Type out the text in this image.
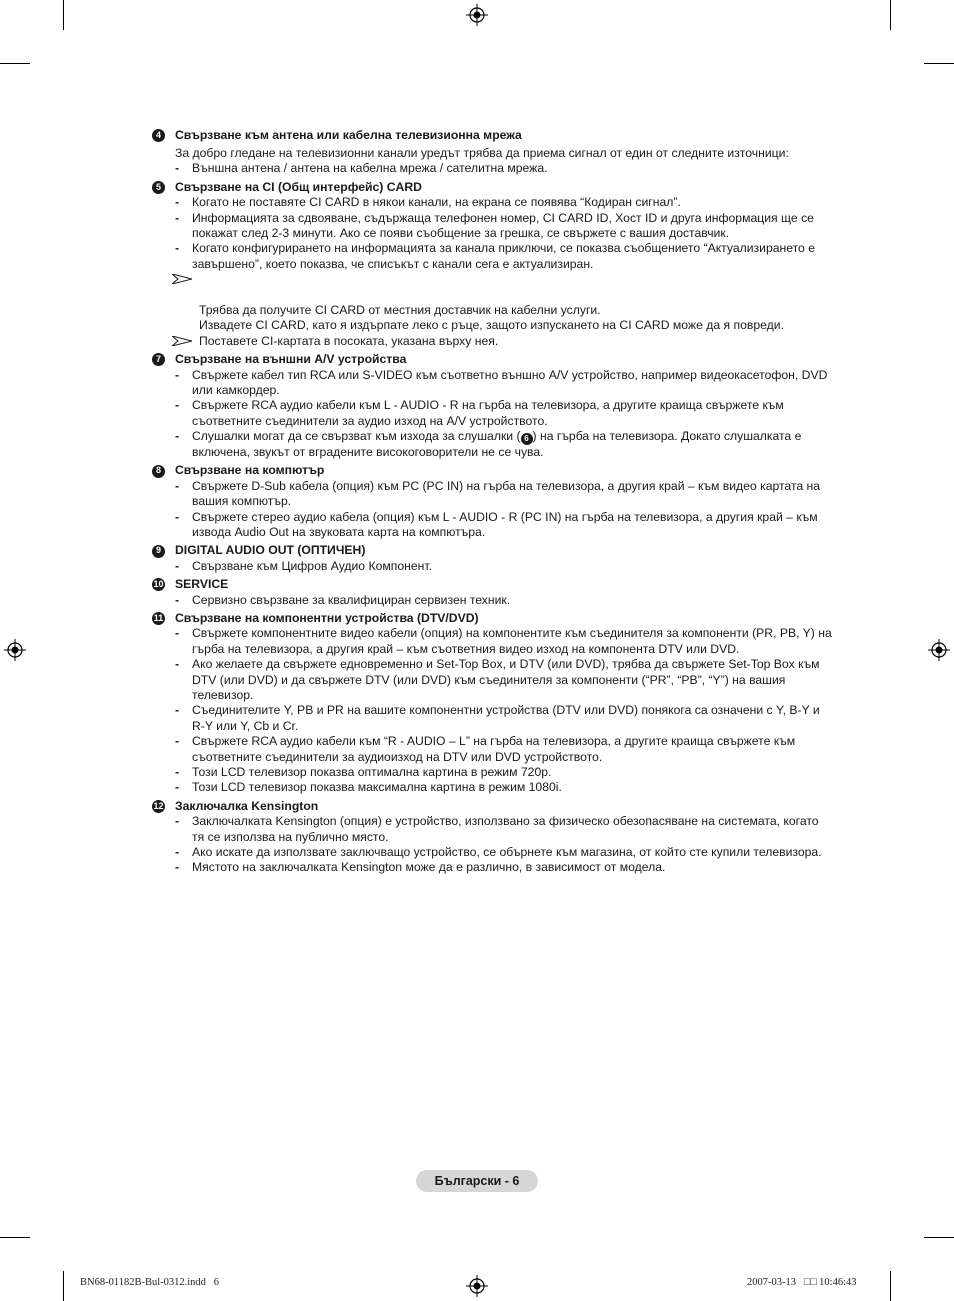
4	Свързване към антена или кабелна телевизионна мрежа
За добро гледане на телевизионни канали уредът трябва да приема сигнал от един от следните източници:
- Външна антена / антена на кабелна мрежа / сателитна мрежа.
5	Свързване на CI (Общ интерфейс) CARD
- Когато не поставяте CI CARD в някои канали, на екрана се появява “Кодиран сигнал”.
- Информацията за сдвояване, съдържаща телефонен номер, CI CARD ID, Хост ID и друга информация ще се покажат след 2-3 минути. Ако се появи съобщение за грешка, се свържете с вашия доставчик.
- Когато конфигурирането на информацията за канала приключи, се показва съобщението “Актуализирането е завършено”, което показва, че списъкът с канали сега е актуализиран.

Трябва да получите CI CARD от местния доставчик на кабелни услуги.
Извадете CI CARD, като я издърпате леко с ръце, защото изпускането на CI CARD може да я повреди.

Поставете CI-картата в посоката, указана върху нея.
7	Свързване на външни A/V устройства
- Свържете кабел тип RCA или S-VIDEO към съответно външно A/V устройство, например видеокасетофон, DVD или камкордер.
- Свържете RCA аудио кабели към L - AUDIO - R на гърба на телевизора, а другите краища свържете към съответните съединители за аудио изход на A/V устройството.
- Слушалки могат да се свързват към изхода за слушалки ( 6 ) на гърба на телевизора. Докато слушалката е включена, звукът от вградените високоговорители не се чува.
8	Свързване на компютър
- Свържете D-Sub кабела (опция) към PC (PC IN) на гърба на телевизора, а другия край – към видео картата на вашия компютър.
- Свържете стерео аудио кабела (опция) към L - AUDIO - R (PC IN) на гърба на телевизора, а другия край – към извода Audio Out на звуковата карта на компютъра.
9	DIGITAL AUDIO OUT (ОПТИЧЕН)
- Свързване към Цифров Аудио Компонент.
10 SERVICE
- Сервизно свързване за квалифициран сервизен техник.
11 Свързване на компонентни устройства (DTV/DVD)
- Свържете компонентните видео кабели (опция) на компонентите към съединителя за компоненти (PR, PB, Y) на гърба на телевизора, а другия край – към съответния видео изход на компонента DTV или DVD.
- Ако желаете да свържете едновременно и Set-Top Box, и DTV (или DVD), трябва да свържете Set-Top Box към DTV (или DVD) и да свържете DTV (или DVD) към съединителя за компоненти (“PR”, “PB”, “Y”) на вашия телевизор.
- Съединителите Y, PB и PR на вашите компонентни устройства (DTV или DVD) понякога са означени с Y, B-Y и R-Y или Y, Cb и Cr.
- Свържете RCA аудио кабели към “R - AUDIO – L” на гърба на телевизора, а другите краища свържете към съответните съединители за аудиоизход на DTV или DVD устройството.
- Този LCD телевизор показва оптимална картина в режим 720p.
- Този LCD телевизор показва максимална картина в режим 1080i.
12 Заключалка Kensington
- Заключалката Kensington (опция) е устройство, използвано за физическо обезопасяване на системата, когато тя се използва на публично място.
- Ако искате да използвате заключващо устройство, се обърнете към магазина, от който сте купили телевизора.
- Мястото на заключалката Kensington може да е различно, в зависимост от модела.
Български - 6
BN68-01182B-Bul-0312.indd   6	2007-03-13   □□ 10:46:43
